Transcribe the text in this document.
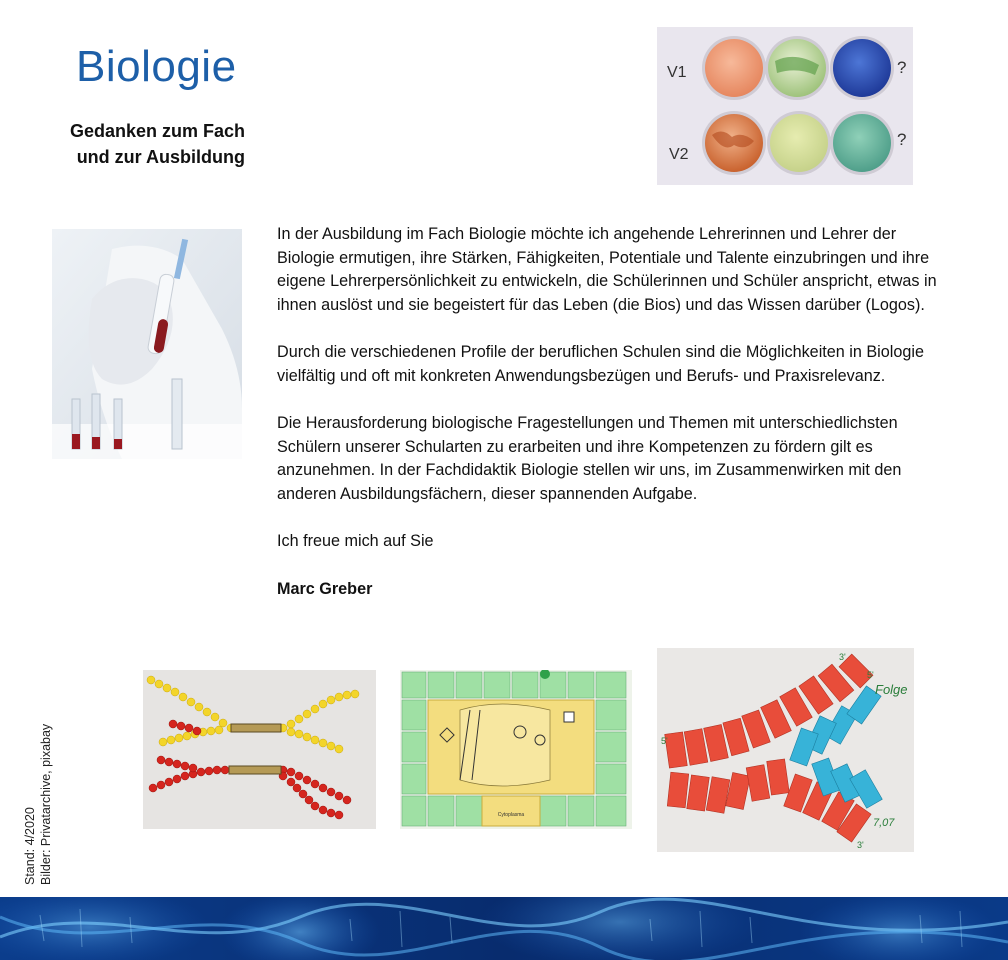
Biologie
Gedanken zum Fach
und zur Ausbildung
V1
V2
?
?

In der Ausbildung im Fach Biologie möchte ich angehende Lehrerinnen und Lehrer der Biologie ermutigen, ihre Stärken, Fähigkeiten, Potentiale und Talente einzubringen und ihre eigene Lehrerpersönlichkeit zu entwickeln, die Schülerinnen und Schüler anspricht, etwas in ihnen auslöst und sie begeistert für das Leben (die Bios) und das Wissen darüber (Logos).

Durch die verschiedenen Profile der beruflichen Schulen sind die Möglichkeiten in Biologie vielfältig und oft mit konkreten Anwendungsbezügen und Berufs- und Praxisrelevanz.

Die Herausforderung biologische Fragestellungen und Themen mit unterschiedlichsten Schülern unserer Schularten zu erarbeiten und ihre Kompetenzen zu fördern gilt es anzunehmen. In der Fachdidaktik Biologie stellen wir uns, im Zusammenwirken mit den anderen Ausbildungsfächern, dieser spannenden Aufgabe.

Ich freue mich auf Sie

Marc Greber

Cytoplasma
Folge
3'
5'
5'
3'
7,07
Stand: 4/2020 Bilder: Privatarchive, pixabay
